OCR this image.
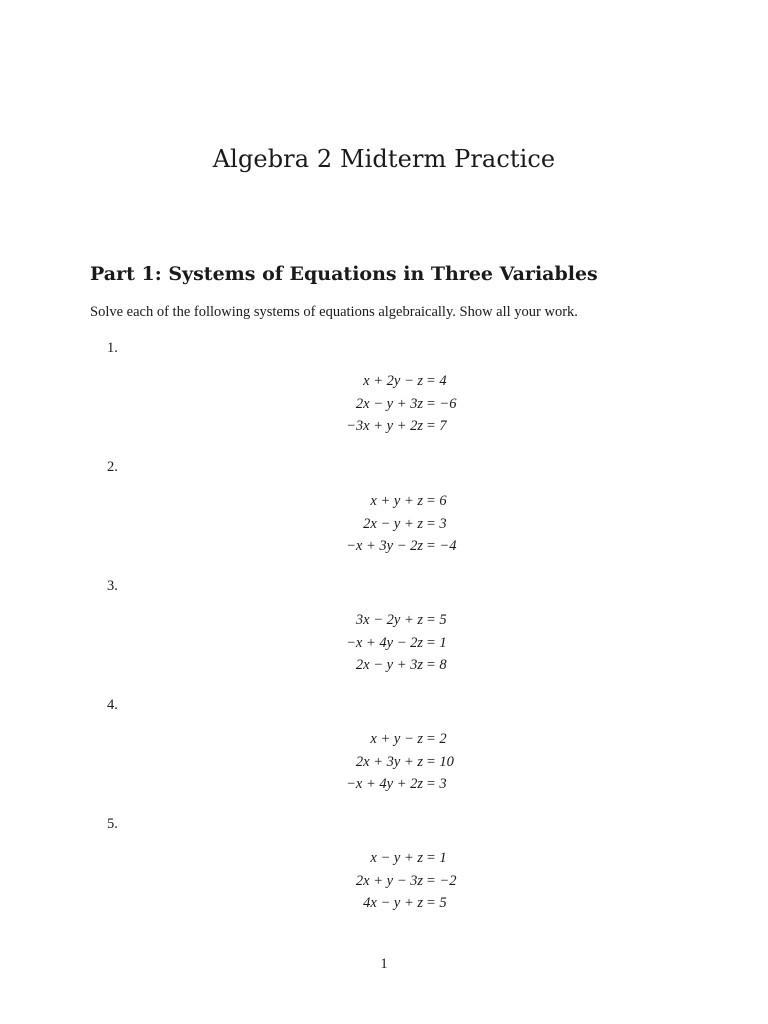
Algebra 2 Midterm Practice
Part 1: Systems of Equations in Three Variables
Solve each of the following systems of equations algebraically. Show all your work.
1.
x + 2y − z = 4
2x − y + 3z = −6
−3x + y + 2z = 7
2.
x + y + z = 6
2x − y + z = 3
−x + 3y − 2z = −4
3.
3x − 2y + z = 5
−x + 4y − 2z = 1
2x − y + 3z = 8
4.
x + y − z = 2
2x + 3y + z = 10
−x + 4y + 2z = 3
5.
x − y + z = 1
2x + y − 3z = −2
4x − y + z = 5
1
